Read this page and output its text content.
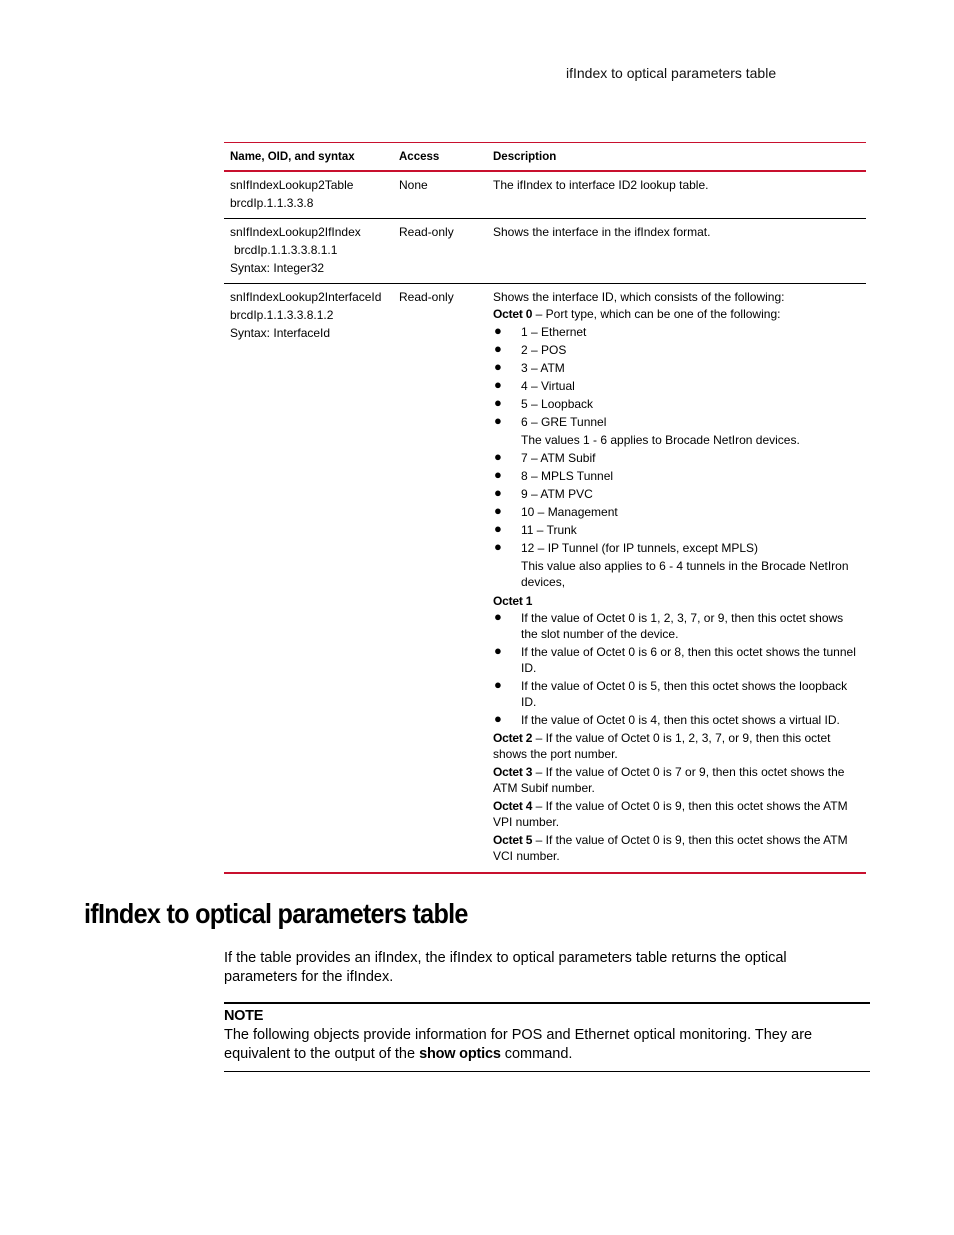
ifIndex to optical parameters table
Name, OID, and syntax	Access	Description
snIfIndexLookup2Table
brcdIp.1.1.3.3.8
None	The ifIndex to interface ID2 lookup table.
snIfIndexLookup2IfIndex
brcdIp.1.1.3.3.8.1.1
Syntax: Integer32
Read-only	Shows the interface in the ifIndex format.
snIfIndexLookup2InterfaceId
brcdIp.1.1.3.3.8.1.2
Syntax: InterfaceId
Read-only	Shows the interface ID, which consists of the following:
Octet 0 – Port type, which can be one of the following:
● 1 – Ethernet
● 2 – POS
● 3 – ATM
● 4 – Virtual
● 5 – Loopback
● 6 – GRE Tunnel
The values 1 - 6 applies to Brocade NetIron devices.
● 7 – ATM Subif
● 8 – MPLS Tunnel
● 9 – ATM PVC
● 10 – Management
● 11 – Trunk
● 12 – IP Tunnel (for IP tunnels, except MPLS)
This value also applies to 6 - 4 tunnels in the Brocade NetIron devices,
Octet 1
● If the value of Octet 0 is 1, 2, 3, 7, or 9, then this octet shows the slot number of the device.
● If the value of Octet 0 is 6 or 8, then this octet shows the tunnel ID.
● If the value of Octet 0 is 5, then this octet shows the loopback ID.
● If the value of Octet 0 is 4, then this octet shows a virtual ID.
Octet 2 – If the value of Octet 0 is 1, 2, 3, 7, or 9, then this octet shows the port number.
Octet 3 – If the value of Octet 0 is 7 or 9, then this octet shows the ATM Subif number.
Octet 4 – If the value of Octet 0 is 9, then this octet shows the ATM VPI number.
Octet 5 – If the value of Octet 0 is 9, then this octet shows the ATM VCI number.
ifIndex to optical parameters table
If the table provides an ifIndex, the ifIndex to optical parameters table returns the optical parameters for the ifIndex.
NOTE
The following objects provide information for POS and Ethernet optical monitoring. They are equivalent to the output of the show optics command.
